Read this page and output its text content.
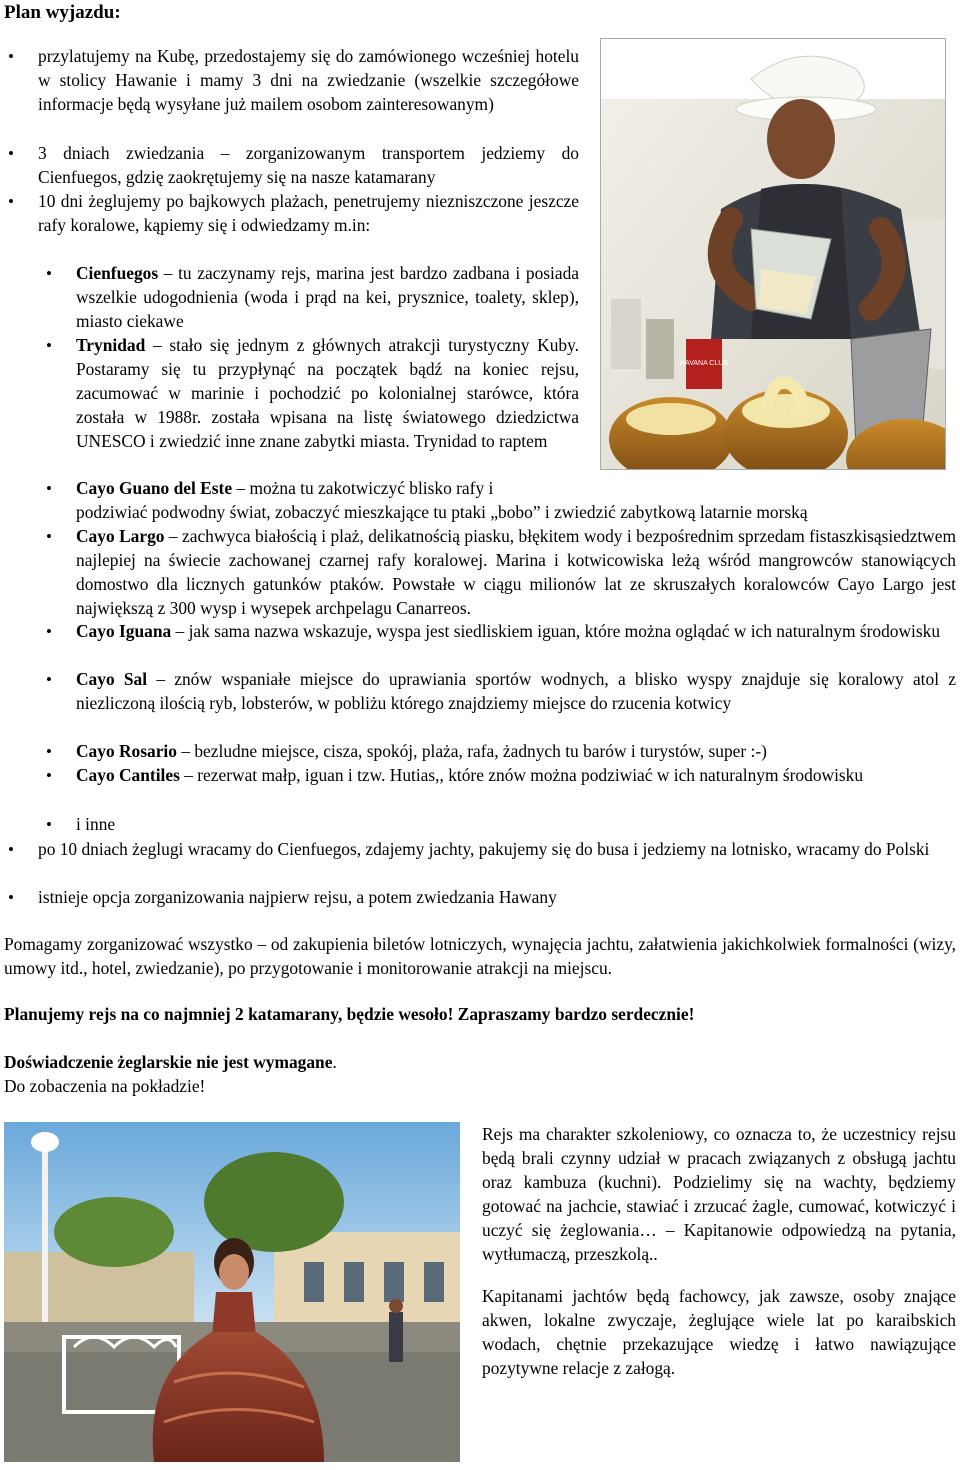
Plan wyjazdu:
HAVANA CLUB
• przylatujemy na Kubę, przedostajemy się do zamówionego wcześniej hotelu w stolicy Hawanie i mamy 3 dni na zwiedzanie (wszelkie szczegółowe informacje będą wysyłane już mailem osobom zainteresowanym)
• 3 dniach zwiedzania – zorganizowanym transportem jedziemy do Cienfuegos, gdzię zaokrętujemy się na nasze katamarany
• 10 dni żeglujemy po bajkowych plażach, penetrujemy niezniszczone jeszcze rafy koralowe, kąpiemy się i odwiedzamy m.in:
• Cienfuegos – tu zaczynamy rejs, marina jest bardzo zadbana i posiada wszelkie udogodnienia (woda i prąd na kei, prysznice, toalety, sklep), miasto ciekawe
• Trynidad – stało się jednym z głównych atrakcji turystyczny Kuby. Postaramy się tu przypłynąć na początek bądź na koniec rejsu, zacumować w marinie i pochodzić po kolonialnej starówce, która została w 1988r. została wpisana na listę światowego dziedzictwa UNESCO i zwiedzić inne znane zabytki miasta. Trynidad to raptem
• Cayo Guano del Este – można tu zakotwiczyć blisko rafy i
podziwiać podwodny świat, zobaczyć mieszkające tu ptaki „bobo” i zwiedzić zabytkową latarnie morską
• Cayo Largo – zachwyca białością i plaż, delikatnością piasku, błękitem wody i bezpośrednim sprzedam fistaszkisąsiedztwem najlepiej na świecie zachowanej czarnej rafy koralowej. Marina i kotwicowiska leżą wśród mangrowców stanowiących domostwo dla licznych gatunków ptaków. Powstałe w ciągu milionów lat ze skruszałych koralowców Cayo Largo jest największą z 300 wysp i wysepek archpelagu Canarreos.
• Cayo Iguana – jak sama nazwa wskazuje, wyspa jest siedliskiem iguan, które można oglądać w ich naturalnym środowisku
• Cayo Sal – znów wspaniałe miejsce do uprawiania sportów wodnych, a blisko wyspy znajduje się koralowy atol z niezliczoną ilością ryb, lobsterów, w pobliżu którego znajdziemy miejsce do rzucenia kotwicy
• Cayo Rosario – bezludne miejsce, cisza, spokój, plaża, rafa, żadnych tu barów i turystów, super :-)
• Cayo Cantiles – rezerwat małp, iguan i tzw. Hutias,, które znów można podziwiać w ich naturalnym środowisku
• i inne
• po 10 dniach żeglugi wracamy do Cienfuegos, zdajemy jachty, pakujemy się do busa i jedziemy na lotnisko, wracamy do Polski
• istnieje opcja zorganizowania najpierw rejsu, a potem zwiedzania Hawany
Pomagamy zorganizować wszystko – od zakupienia biletów lotniczych, wynajęcia jachtu, załatwienia jakichkolwiek formalności (wizy, umowy itd., hotel, zwiedzanie), po przygotowanie i monitorowanie atrakcji na miejscu.
Planujemy rejs na co najmniej 2 katamarany, będzie wesoło! Zapraszamy bardzo serdecznie!
Doświadczenie żeglarskie nie jest wymagane.
Do zobaczenia na pokładzie!
Rejs ma charakter szkoleniowy, co oznacza to, że uczestnicy rejsu będą brali czynny udział w pracach związanych z obsługą jachtu oraz kambuza (kuchni). Podzielimy się na wachty, będziemy gotować na jachcie, stawiać i zrzucać żagle, cumować, kotwiczyć i uczyć się żeglowania… – Kapitanowie odpowiedzą na pytania, wytłumaczą, przeszkolą..
Kapitanami jachtów będą fachowcy, jak zawsze, osoby znające akwen, lokalne zwyczaje, żeglujące wiele lat po karaibskich wodach, chętnie przekazujące wiedzę i łatwo nawiązujące pozytywne relacje z załogą.
